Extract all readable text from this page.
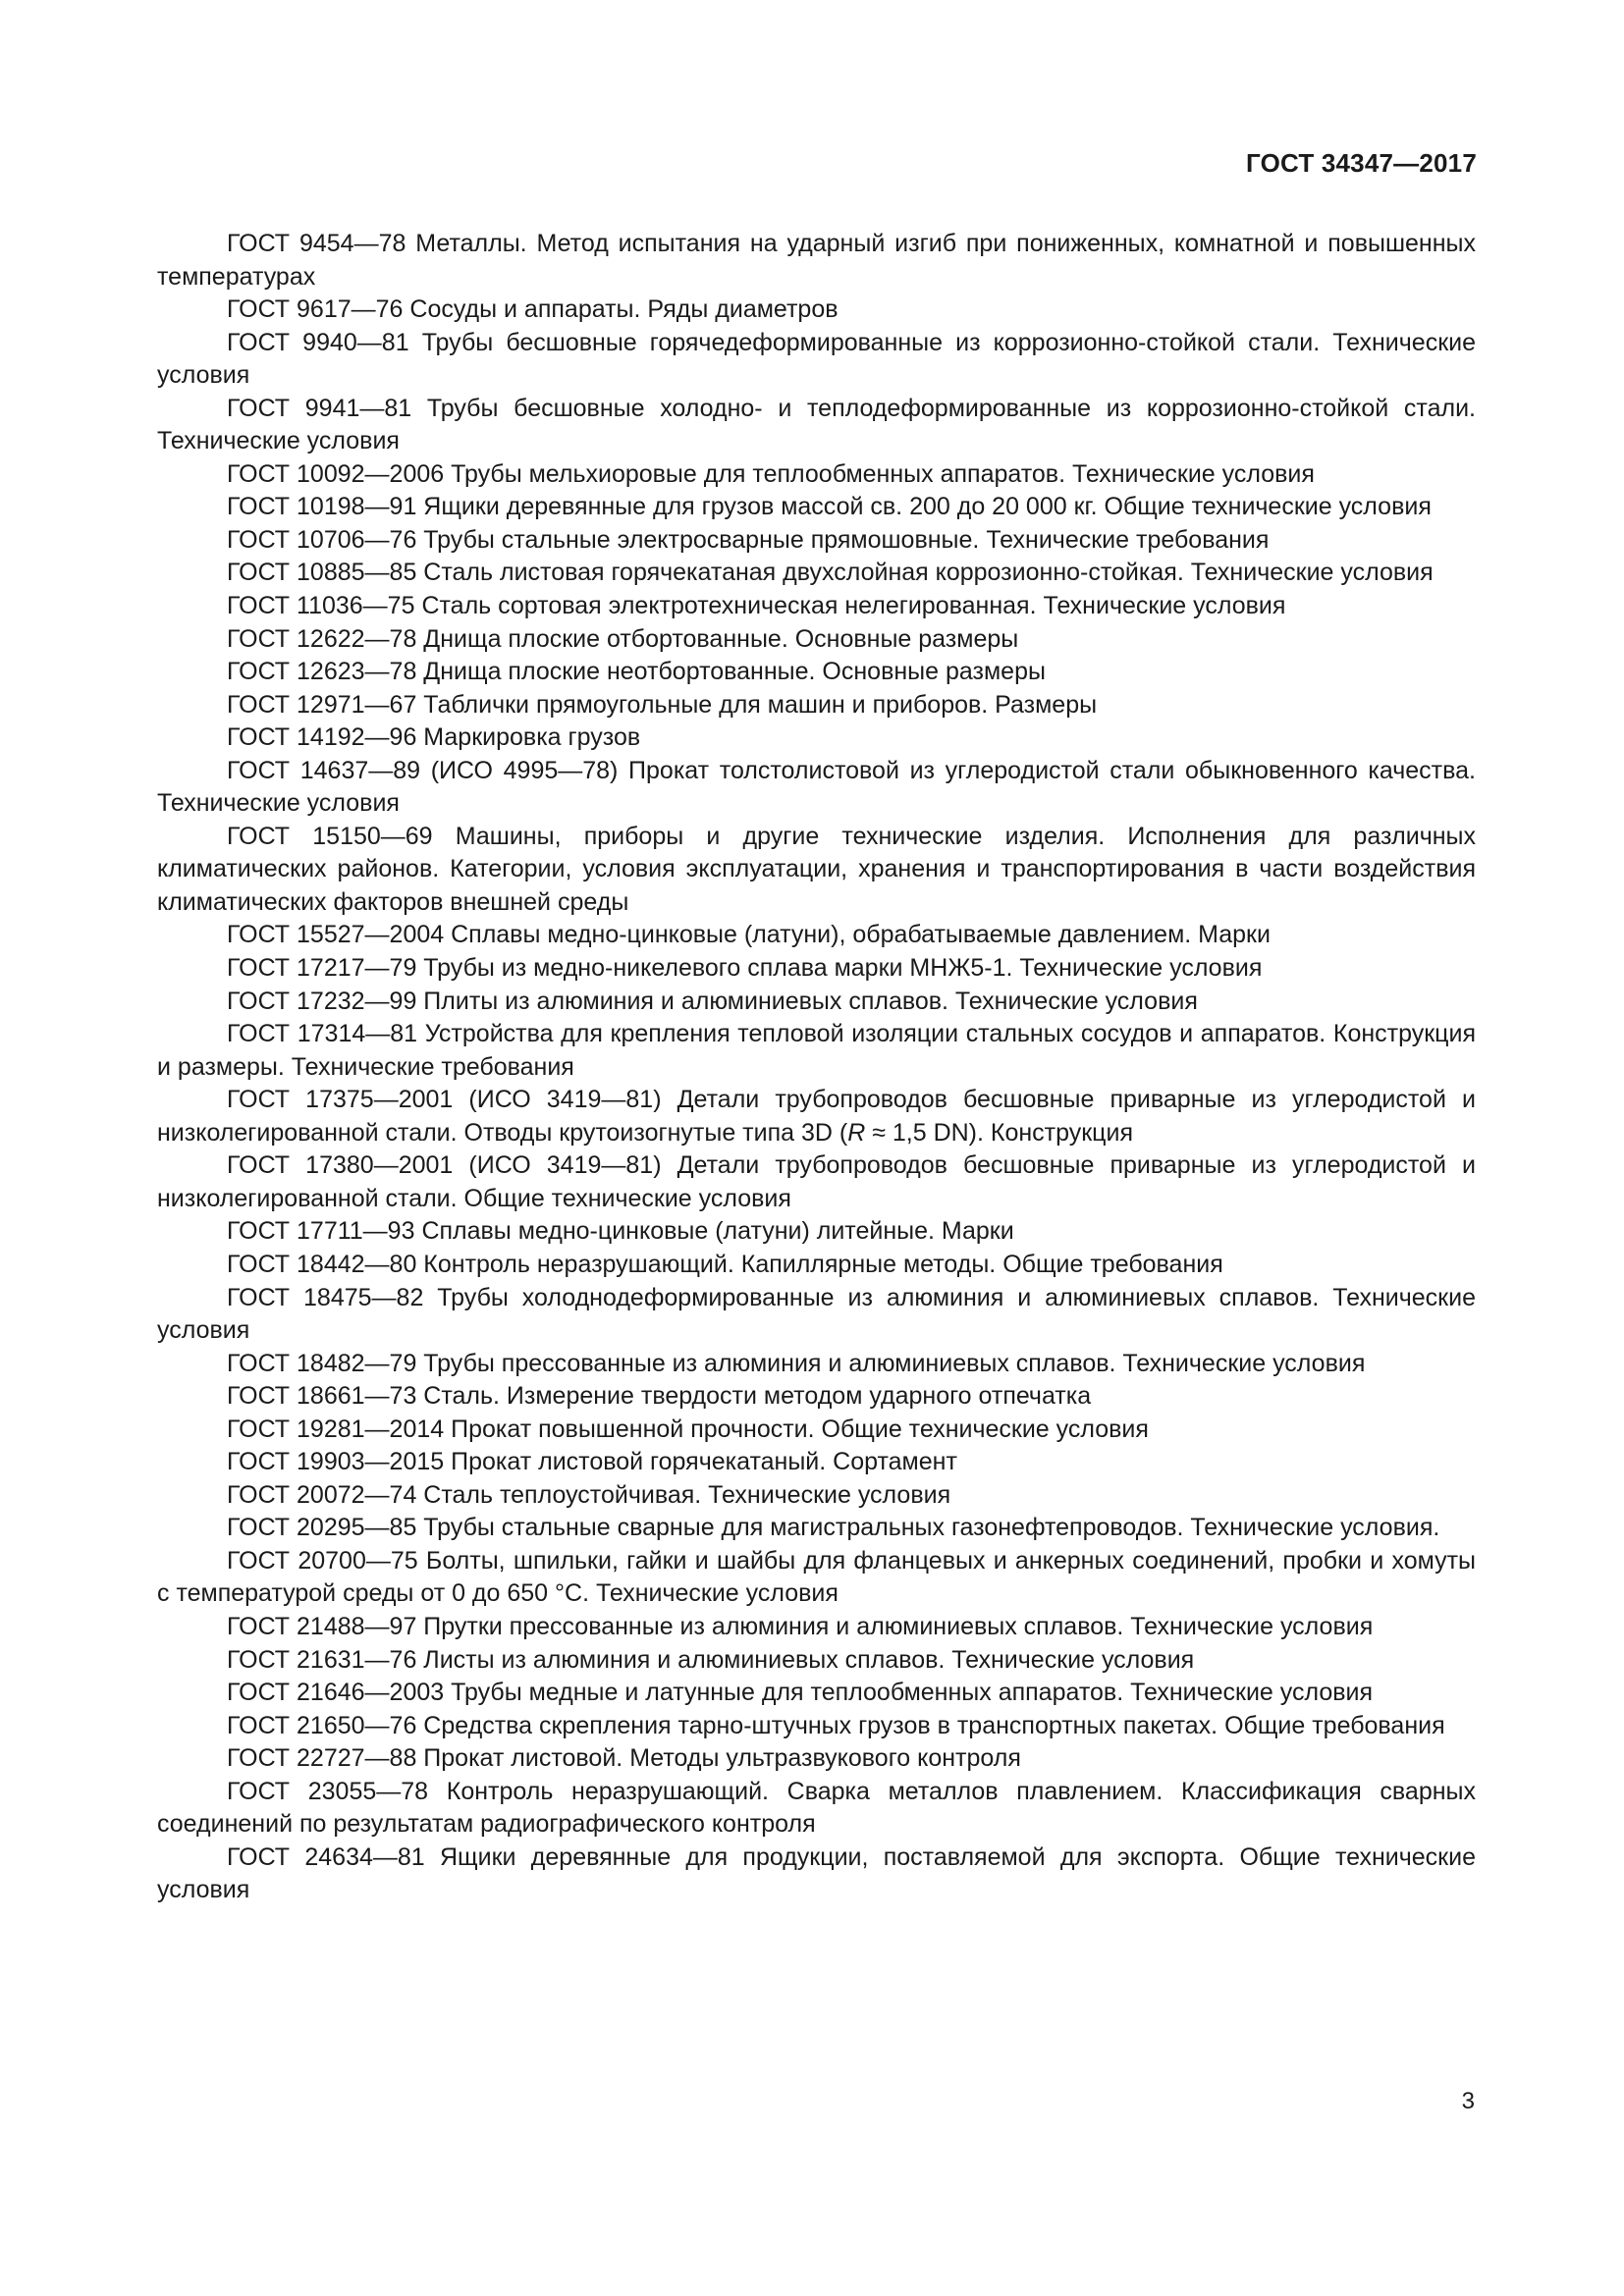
ГОСТ 34347—2017

ГОСТ 9454—78 Металлы. Метод испытания на ударный изгиб при пониженных, комнатной и повышенных температурах

ГОСТ 9617—76 Сосуды и аппараты. Ряды диаметров

ГОСТ 9940—81 Трубы бесшовные горячедеформированные из коррозионно-стойкой стали. Технические условия

ГОСТ 9941—81 Трубы бесшовные холодно- и теплодеформированные из коррозионно-стойкой стали. Технические условия

ГОСТ 10092—2006 Трубы мельхиоровые для теплообменных аппаратов. Технические условия

ГОСТ 10198—91 Ящики деревянные для грузов массой св. 200 до 20 000 кг. Общие технические условия

ГОСТ 10706—76 Трубы стальные электросварные прямошовные. Технические требования

ГОСТ 10885—85 Сталь листовая горячекатаная двухслойная коррозионно-стойкая. Технические условия

ГОСТ 11036—75 Сталь сортовая электротехническая нелегированная. Технические условия

ГОСТ 12622—78 Днища плоские отбортованные. Основные размеры

ГОСТ 12623—78 Днища плоские неотбортованные. Основные размеры

ГОСТ 12971—67 Таблички прямоугольные для машин и приборов. Размеры

ГОСТ 14192—96 Маркировка грузов

ГОСТ 14637—89 (ИСО 4995—78) Прокат толстолистовой из углеродистой стали обыкновенного качества. Технические условия

ГОСТ 15150—69 Машины, приборы и другие технические изделия. Исполнения для различных климатических районов. Категории, условия эксплуатации, хранения и транспортирования в части воздействия климатических факторов внешней среды

ГОСТ 15527—2004 Сплавы медно-цинковые (латуни), обрабатываемые давлением. Марки

ГОСТ 17217—79 Трубы из медно-никелевого сплава марки МНЖ5-1. Технические условия

ГОСТ 17232—99 Плиты из алюминия и алюминиевых сплавов. Технические условия

ГОСТ 17314—81 Устройства для крепления тепловой изоляции стальных сосудов и аппаратов. Конструкция и размеры. Технические требования

ГОСТ 17375—2001 (ИСО 3419—81) Детали трубопроводов бесшовные приварные из углеродистой и низколегированной стали. Отводы крутоизогнутые типа 3D (R ≈ 1,5 DN). Конструкция

ГОСТ 17380—2001 (ИСО 3419—81) Детали трубопроводов бесшовные приварные из углеродистой и низколегированной стали. Общие технические условия

ГОСТ 17711—93 Сплавы медно-цинковые (латуни) литейные. Марки

ГОСТ 18442—80 Контроль неразрушающий. Капиллярные методы. Общие требования

ГОСТ 18475—82 Трубы холоднодеформированные из алюминия и алюминиевых сплавов. Технические условия

ГОСТ 18482—79 Трубы прессованные из алюминия и алюминиевых сплавов. Технические условия

ГОСТ 18661—73 Сталь. Измерение твердости методом ударного отпечатка

ГОСТ 19281—2014 Прокат повышенной прочности. Общие технические условия

ГОСТ 19903—2015 Прокат листовой горячекатаный. Сортамент

ГОСТ 20072—74 Сталь теплоустойчивая. Технические условия

ГОСТ 20295—85 Трубы стальные сварные для магистральных газонефтепроводов. Технические условия.

ГОСТ 20700—75 Болты, шпильки, гайки и шайбы для фланцевых и анкерных соединений, пробки и хомуты с температурой среды от 0 до 650 °С. Технические условия

ГОСТ 21488—97 Прутки прессованные из алюминия и алюминиевых сплавов. Технические условия

ГОСТ 21631—76 Листы из алюминия и алюминиевых сплавов. Технические условия

ГОСТ 21646—2003 Трубы медные и латунные для теплообменных аппаратов. Технические условия

ГОСТ 21650—76 Средства скрепления тарно-штучных грузов в транспортных пакетах. Общие требования

ГОСТ 22727—88 Прокат листовой. Методы ультразвукового контроля

ГОСТ 23055—78 Контроль неразрушающий. Сварка металлов плавлением. Классификация сварных соединений по результатам радиографического контроля

ГОСТ 24634—81 Ящики деревянные для продукции, поставляемой для экспорта. Общие технические условия

3
